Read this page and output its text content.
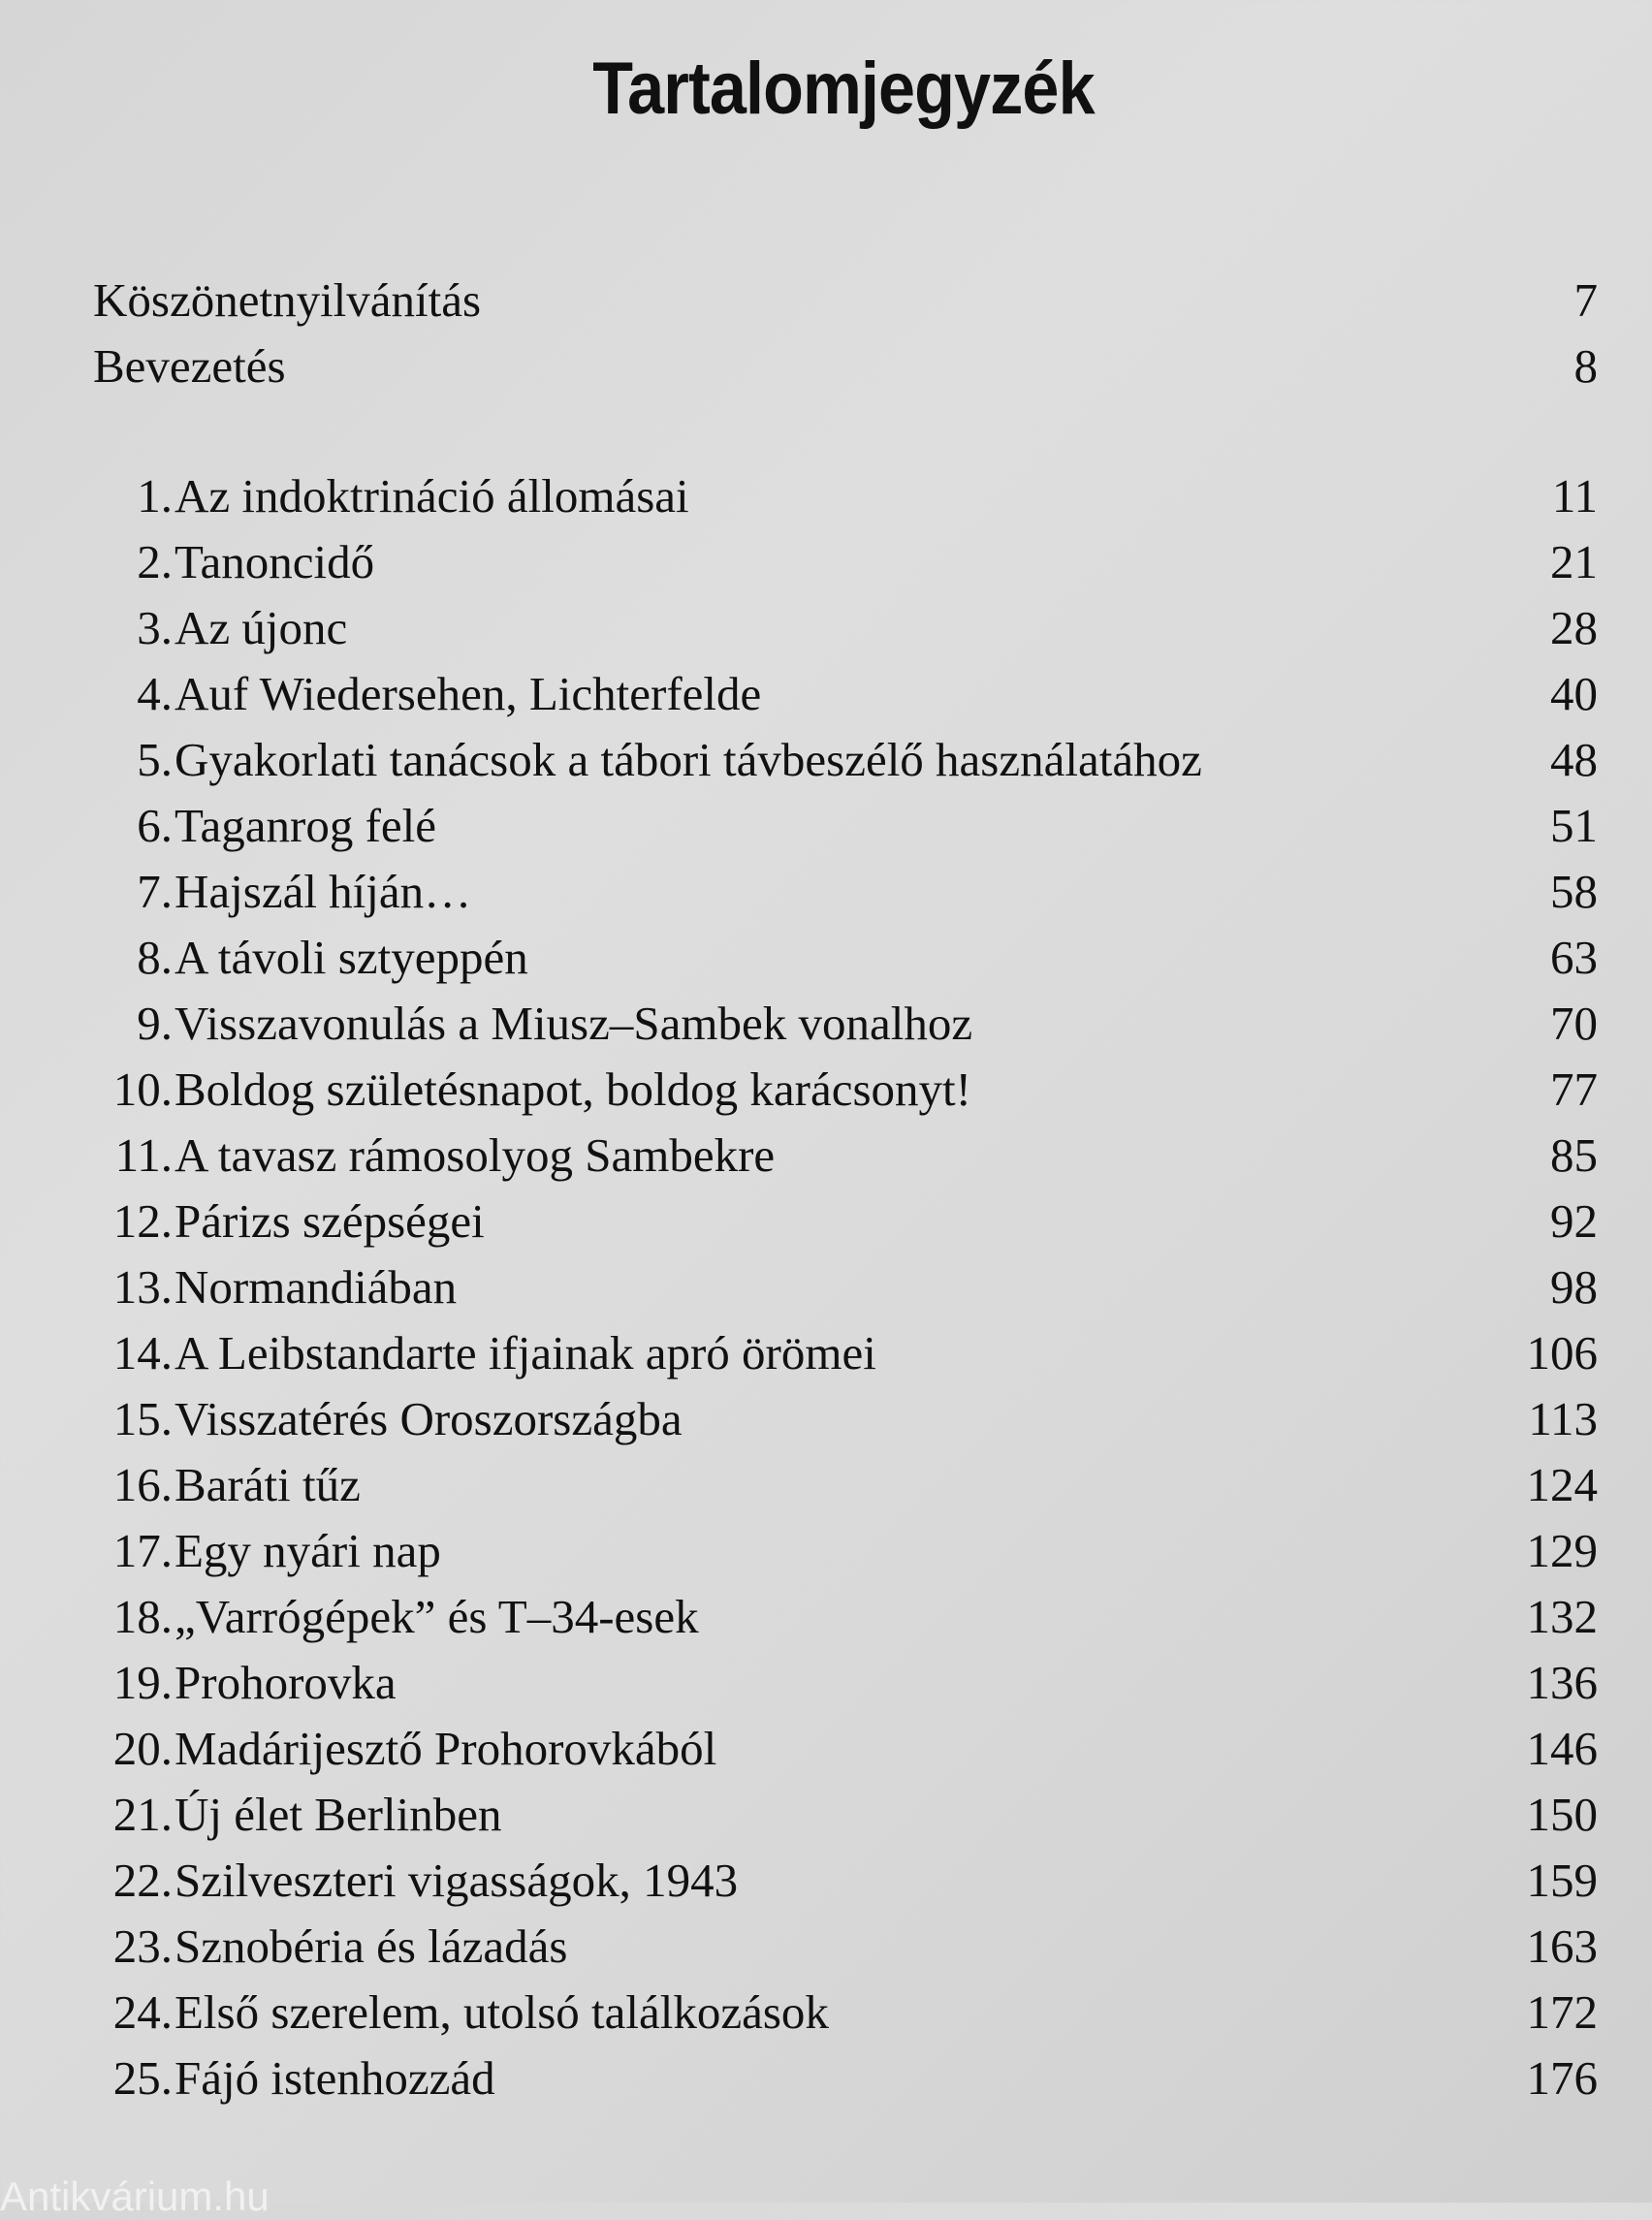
Tartalomjegyzék
Köszönetnyilvánítás	7
Bevezetés	8
1. Az indoktrináció állomásai	11
2. Tanoncidő	21
3. Az újonc	28
4. Auf Wiedersehen, Lichterfelde	40
5. Gyakorlati tanácsok a tábori távbeszélő használatához	48
6. Taganrog felé	51
7. Hajszál híján…	58
8. A távoli sztyeppén	63
9. Visszavonulás a Miusz–Sambek vonalhoz	70
10. Boldog születésnapot, boldog karácsonyt!	77
11. A tavasz rámosolyog Sambekre	85
12. Párizs szépségei	92
13. Normandiában	98
14. A Leibstandarte ifjainak apró örömei	106
15. Visszatérés Oroszországba	113
16. Baráti tűz	124
17. Egy nyári nap	129
18. „Varrógépek” és T–34-esek	132
19. Prohorovka	136
20. Madárijesztő Prohorovkából	146
21. Új élet Berlinben	150
22. Szilveszteri vigasságok, 1943	159
23. Sznobéria és lázadás	163
24. Első szerelem, utolsó találkozások	172
25. Fájó istenhozzád	176
Antikvárium.hu
